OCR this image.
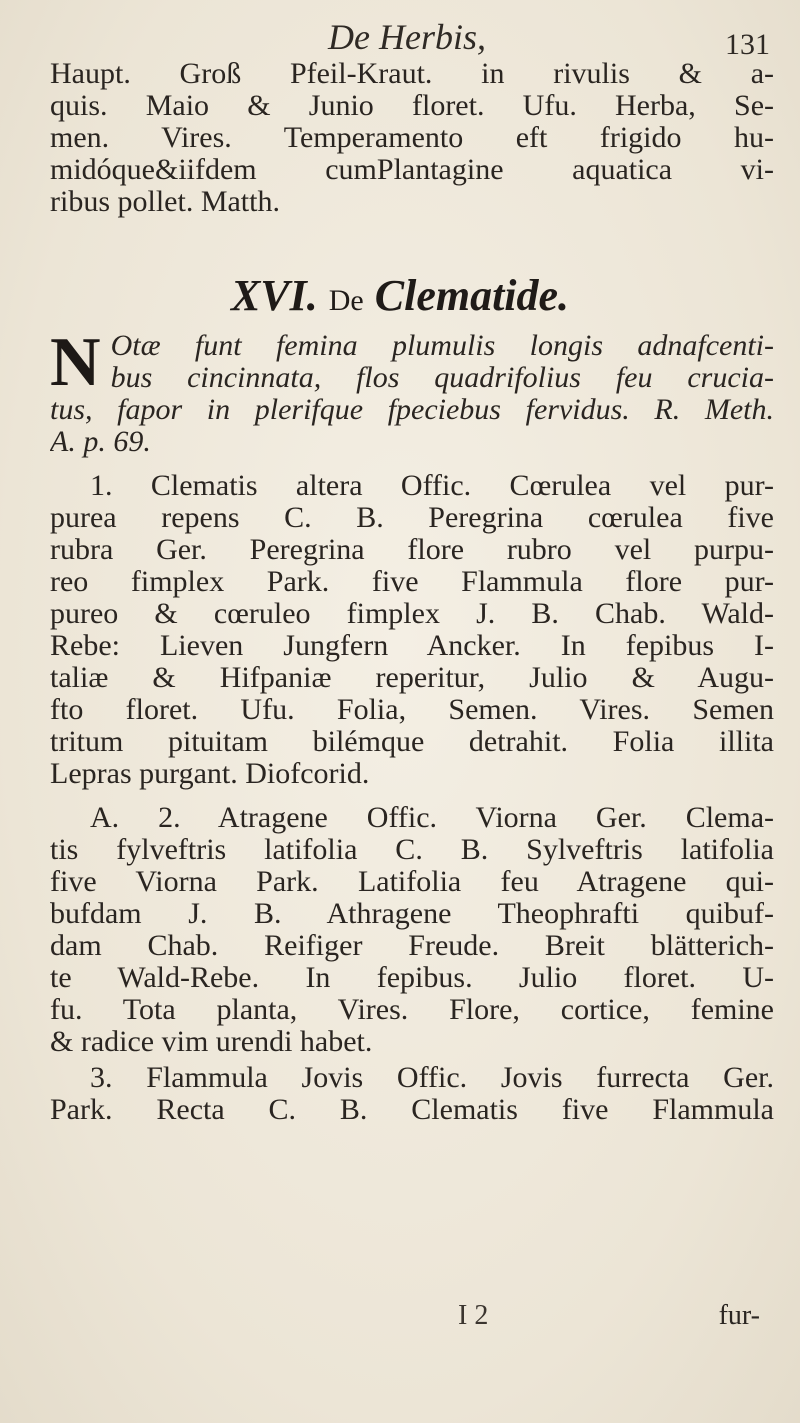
De Herbis,	131
Haupt. Groß Pfeil-Kraut. in rivulis & a-
quis. Maio & Junio floret. Ufu. Herba, Se-
men. Vires. Temperamento eft frigido hu-
midóque&iifdem cumPlantagine aquatica vi-
ribus pollet. Matth.
XVI. De Clematide.
N Otæ funt femina plumulis longis adnafcenti-
bus cincinnata, flos quadrifolius feu crucia-
tus, fapor in plerifque fpeciebus fervidus. R. Meth.
A. p. 69.
1. Clematis altera Offic. Cœrulea vel pur-
purea repens C. B. Peregrina cœrulea five
rubra Ger. Peregrina flore rubro vel purpu-
reo fimplex Park. five Flammula flore pur-
pureo & cœruleo fimplex J. B. Chab. Wald-
Rebe: Lieven Jungfern Ancker. In fepibus I-
taliæ & Hifpaniæ reperitur, Julio & Augu-
fto floret. Ufu. Folia, Semen. Vires. Semen
tritum pituitam bilémque detrahit. Folia illita
Lepras purgant. Diofcorid.
A. 2. Atragene Offic. Viorna Ger. Clema-
tis fylveftris latifolia C. B. Sylveftris latifolia
five Viorna Park. Latifolia feu Atragene qui-
bufdam J. B. Athragene Theophrafti quibuf-
dam Chab. Reifiger Freude. Breit blätterich-
te Wald-Rebe. In fepibus. Julio floret. U-
fu. Tota planta, Vires. Flore, cortice, femine
& radice vim urendi habet.
3. Flammula Jovis Offic. Jovis furrecta Ger.
Park. Recta C. B. Clematis five Flammula
I 2	fur-
